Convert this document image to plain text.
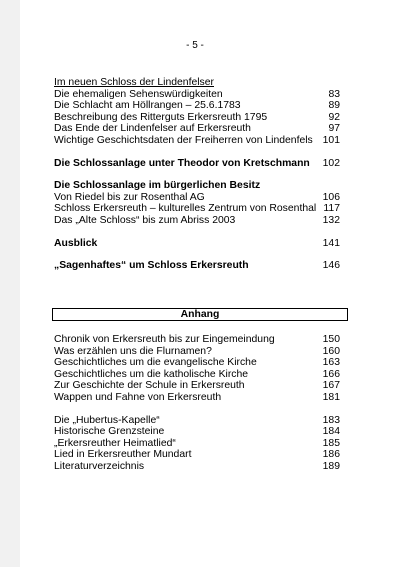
- 5 -
Im neuen Schloss der Lindenfelser
Die ehemaligen Sehenswürdigkeiten	83
Die Schlacht am Höllrangen – 25.6.1783	89
Beschreibung des Ritterguts Erkersreuth 1795	92
Das Ende der Lindenfelser auf Erkersreuth	97
Wichtige Geschichtsdaten der Freiherren von Lindenfels 101
Die Schlossanlage unter Theodor von Kretschmann 102
Die Schlossanlage im bürgerlichen Besitz
Von Riedel bis zur Rosenthal AG	106
Schloss Erkersreuth – kulturelles Zentrum von Rosenthal 117
Das „Alte Schloss“ bis zum Abriss 2003	132
Ausblick	141
„Sagenhaftes“ um Schloss Erkersreuth	146
Anhang
Chronik von Erkersreuth bis zur Eingemeindung	150
Was erzählen uns die Flurnamen?	160
Geschichtliches um die evangelische Kirche	163
Geschichtliches um die katholische Kirche	166
Zur Geschichte der Schule in Erkersreuth	167
Wappen und Fahne von Erkersreuth	181
Die „Hubertus-Kapelle“	183
Historische Grenzsteine	184
„Erkersreuther Heimatlied“	185
Lied in Erkersreuther Mundart	186
Literaturverzeichnis	189
